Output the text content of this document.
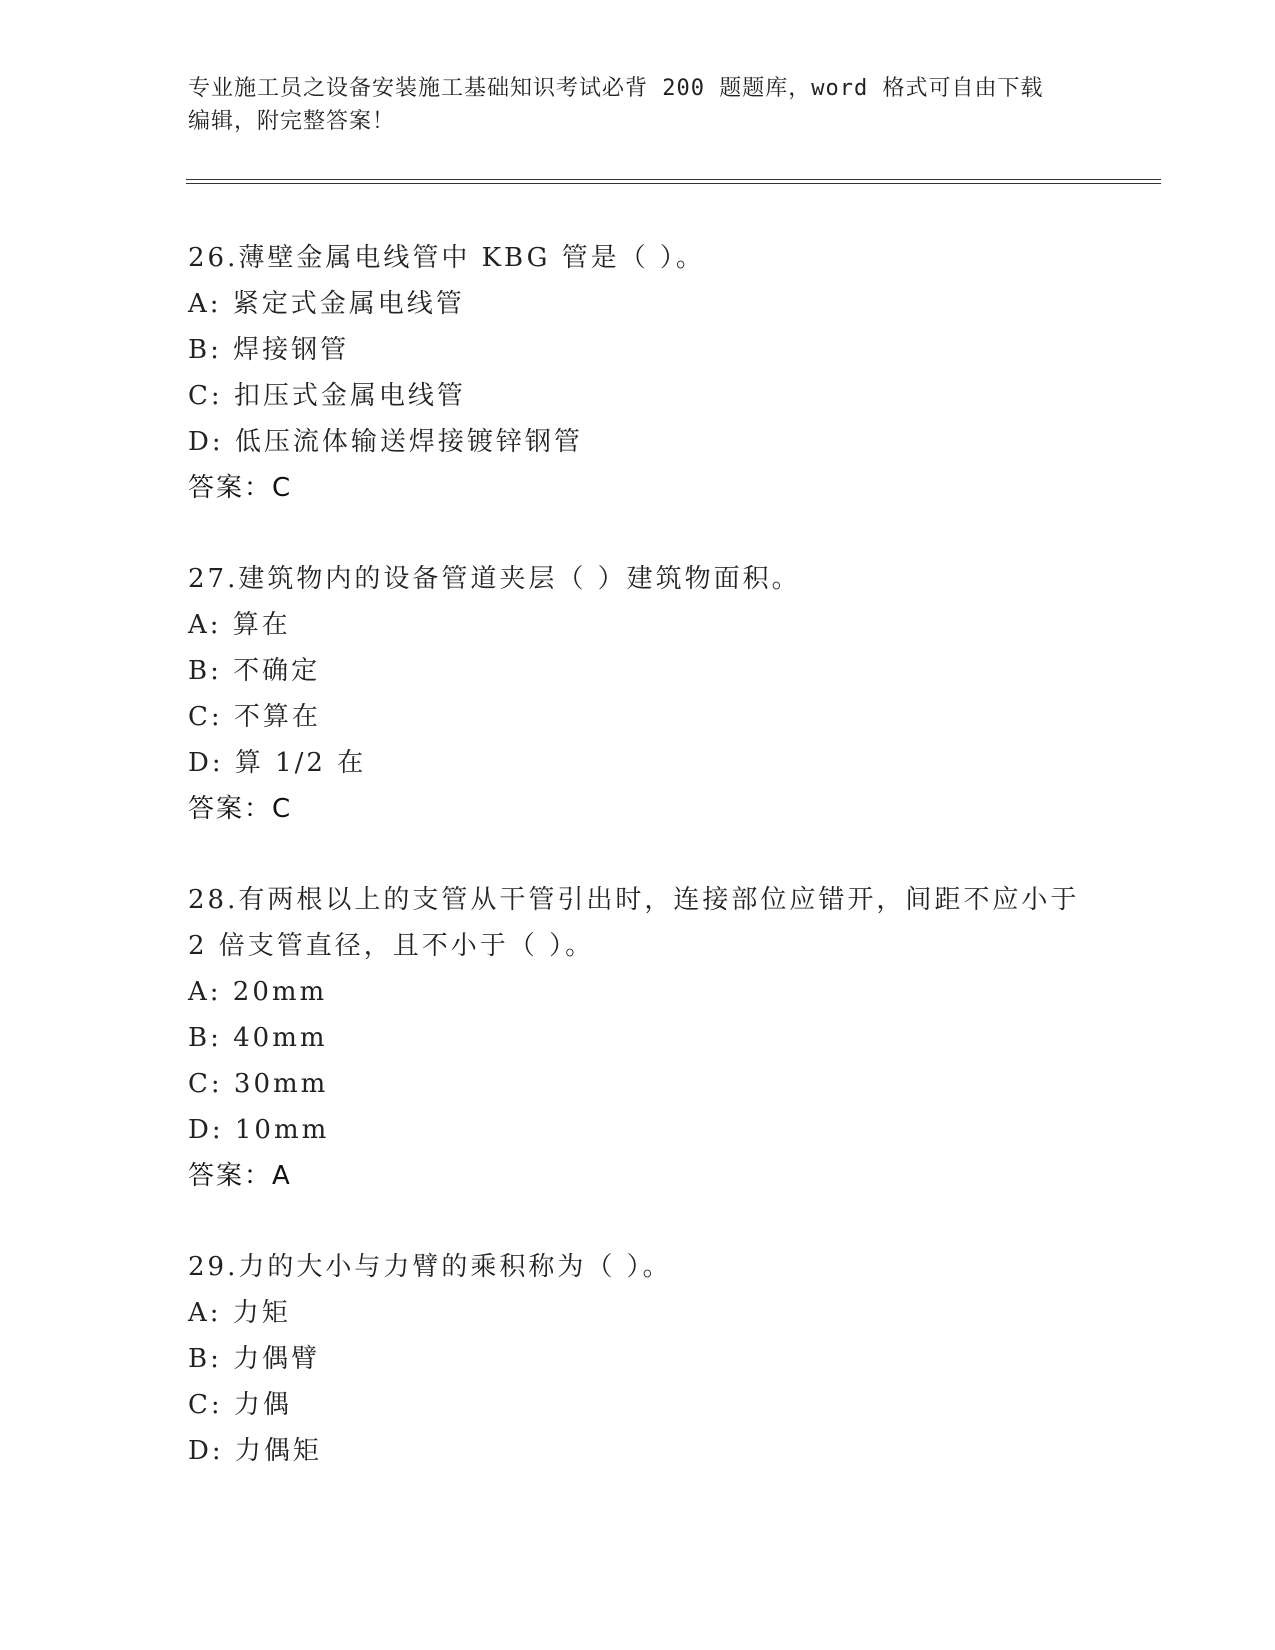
专业施工员之设备安装施工基础知识考试必背 200 题题库，word 格式可自由下载
编辑，附完整答案！
26.薄壁金属电线管中 KBG 管是（ ）。
A: 紧定式金属电线管
B: 焊接钢管
C: 扣压式金属电线管
D: 低压流体输送焊接镀锌钢管
答案：C
27.建筑物内的设备管道夹层（ ）建筑物面积。
A: 算在
B: 不确定
C: 不算在
D: 算 1/2 在
答案：C
28.有两根以上的支管从干管引出时，连接部位应错开，间距不应小于
2 倍支管直径，且不小于（ ）。
A: 20mm
B: 40mm
C: 30mm
D: 10mm
答案：A
29.力的大小与力臂的乘积称为（ ）。
A: 力矩
B: 力偶臂
C: 力偶
D: 力偶矩
